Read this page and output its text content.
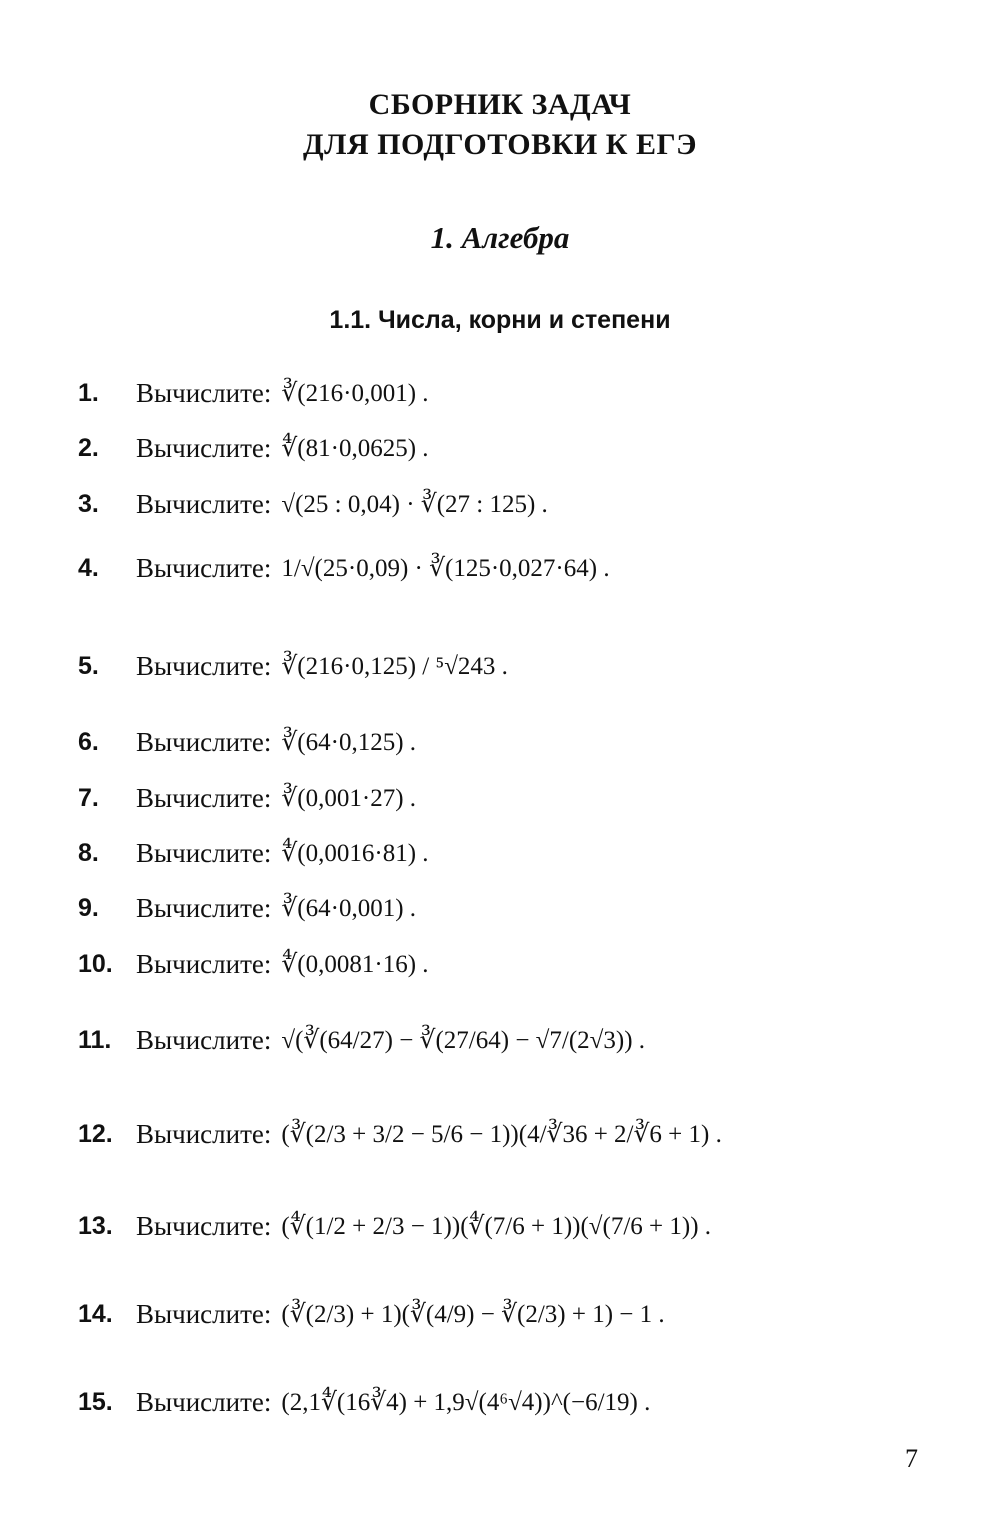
СБОРНИК ЗАДАЧ
ДЛЯ ПОДГОТОВКИ К ЕГЭ
1. Алгебра
1.1. Числа, корни и степени
1.	Вычислите: ∛(216·0,001) .
2.	Вычислите: ∜(81·0,0625) .
3.	Вычислите: √(25 : 0,04) · ∛(27 : 125) .
4.	Вычислите: 1/√(25·0,09) · ∛(125·0,027·64) .
5.	Вычислите: ∛(216·0,125) / ⁵√243 .
6.	Вычислите: ∛(64·0,125) .
7.	Вычислите: ∛(0,001·27) .
8.	Вычислите: ∜(0,0016·81) .
9.	Вычислите: ∛(64·0,001) .
10. Вычислите: ∜(0,0081·16) .
11. Вычислите: √(∛(64/27) − ∛(27/64) − √7/(2√3)) .
12. Вычислите: (∛(2/3 + 3/2 − 5/6 − 1))(4/∛36 + 2/∛6 + 1) .
13. Вычислите: (∜(1/2 + 2/3 − 1))(∜(7/6 + 1))(√(7/6 + 1)) .
14. Вычислите: (∛(2/3) + 1)(∛(4/9) − ∛(2/3) + 1) − 1 .
15. Вычислите: (2,1∜(16∛4) + 1,9√(4⁶√4))^(−6/19) .
7
